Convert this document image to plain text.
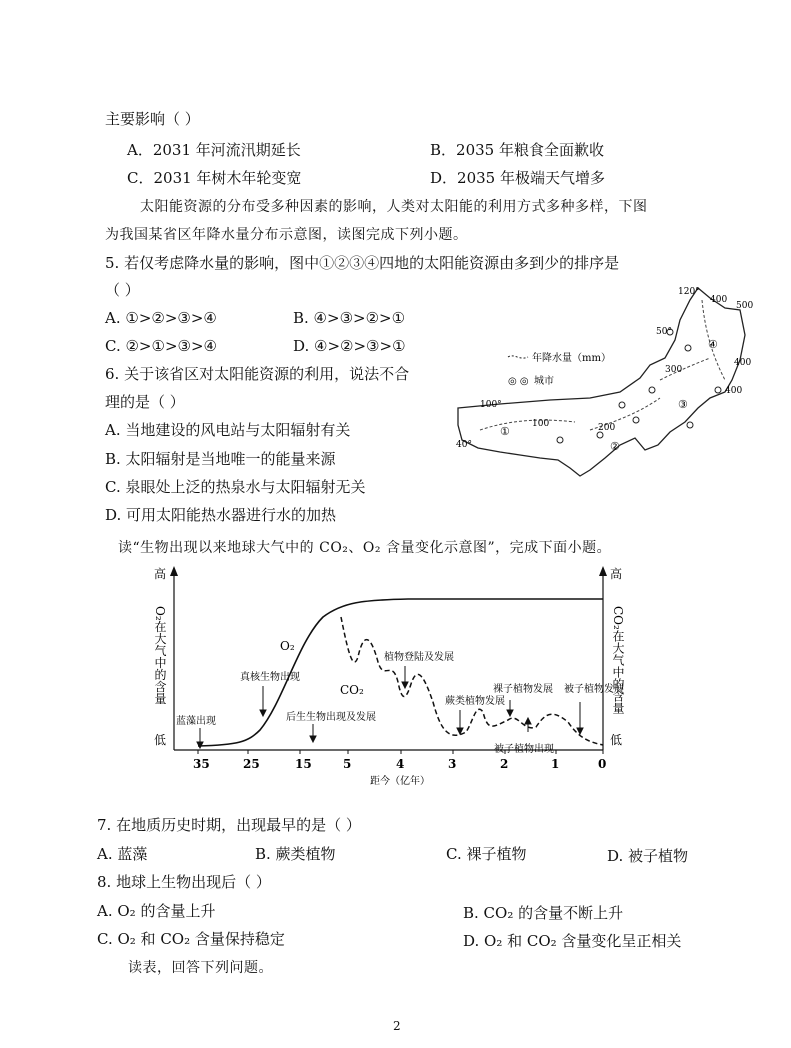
主要影响（ ）
A．2031 年河流汛期延长	B．2035 年粮食全面歉收
C．2031 年树木年轮变宽	D．2035 年极端天气增多
太阳能资源的分布受多种因素的影响，人类对太阳能的利用方式多种多样，下图
为我国某省区年降水量分布示意图，读图完成下列小题。
5. 若仅考虑降水量的影响，图中①②③④四地的太阳能资源由多到少的排序是
（ ）
A. ①>②>③>④	B. ④>③>②>①
C. ②>①>③>④	D. ④>②>③>①
6. 关于该省区对太阳能资源的利用，说法不合
理的是（ ）
A. 当地建设的风电站与太阳辐射有关
B. 太阳辐射是当地唯一的能量来源
C. 泉眼处上泛的热泉水与太阳辐射无关
D. 可用太阳能热水器进行水的加热
年降水量（mm）
◎ ◎ 城市
120°
400
500
50°
400
300
400
100°
100	200
40°
①
②
③
④
读“生物出现以来地球大气中的 CO₂、O₂ 含量变化示意图”，完成下面小题。
高
低
O₂在大气中的含量
高
低
CO₂在大气中的含量
O₂
CO₂
蓝藻出现
真核生物出现
后生生物出现及发展
植物登陆及发展
蕨类植物发展
裸子植物发展
被子植物出现
被子植物发展
35	25	15	5	4	3	2	1	0
距今（亿年）
7. 在地质历史时期，出现最早的是（ ）
A. 蓝藻	B. 蕨类植物	C. 裸子植物	D. 被子植物
8. 地球上生物出现后（ ）
A. O₂ 的含量上升	B. CO₂ 的含量不断上升
C. O₂ 和 CO₂ 含量保持稳定	D. O₂ 和 CO₂ 含量变化呈正相关
读表，回答下列问题。
2
